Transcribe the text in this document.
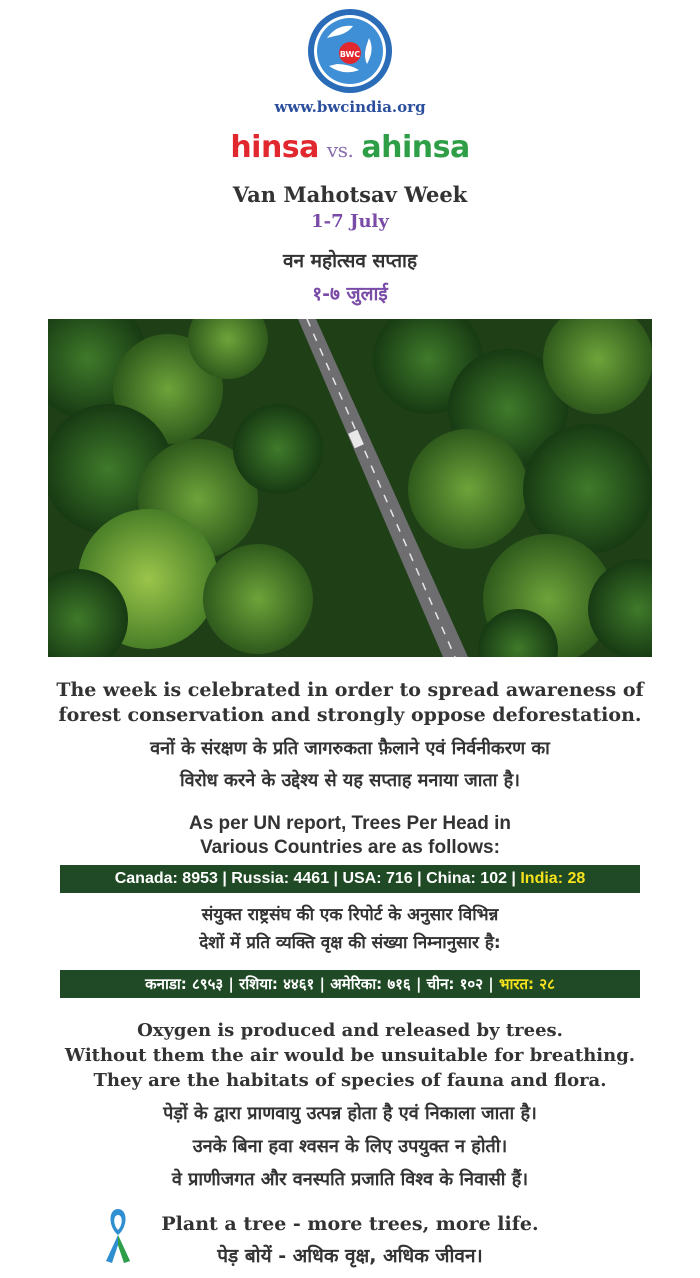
BWC
www.bwcindia.org
hinsa vs. ahinsa
Van Mahotsav Week
1-7 July
वन महोत्सव सप्ताह
१-७ जुलाई
The week is celebrated in order to spread awareness of
forest conservation and strongly oppose deforestation.
वनों के संरक्षण के प्रति जागरुकता फ़ैलाने एवं निर्वनीकरण का
विरोध करने के उद्देश्य से यह सप्ताह मनाया जाता है।
As per UN report, Trees Per Head in
Various Countries are as follows:
Canada: 8953 | Russia: 4461 | USA: 716 | China: 102 | India: 28
संयुक्त राष्ट्रसंघ की एक रिपोर्ट के अनुसार विभिन्न
देशों में प्रति व्यक्ति वृक्ष की संख्या निम्नानुसार है:
कनाडा: ८९५३ | रशिया: ४४६१ | अमेरिका: ७१६ | चीन: १०२ | भारत: २८
Oxygen is produced and released by trees.
Without them the air would be unsuitable for breathing.
They are the habitats of species of fauna and flora.
पेड़ों के द्वारा प्राणवायु उत्पन्न होता है एवं निकाला जाता है।
उनके बिना हवा श्वसन के लिए उपयुक्त न होती।
वे प्राणीजगत और वनस्पति प्रजाति विश्व के निवासी हैं।
Plant a tree - more trees, more life.
पेड़ बोयें - अधिक वृक्ष, अधिक जीवन।
